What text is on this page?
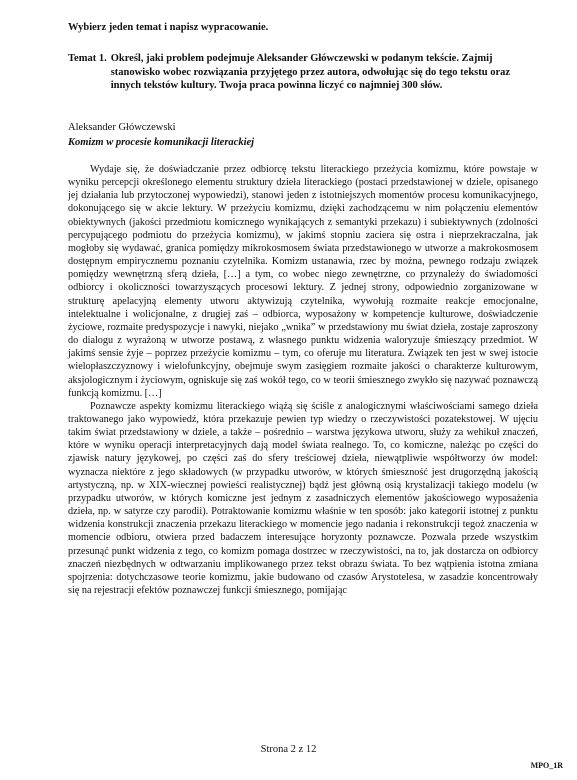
Wybierz jeden temat i napisz wypracowanie.
Temat 1. Określ, jaki problem podejmuje Aleksander Główczewski w podanym tekście. Zajmij stanowisko wobec rozwiązania przyjętego przez autora, odwołując się do tego tekstu oraz innych tekstów kultury. Twoja praca powinna liczyć co najmniej 300 słów.
Aleksander Główczewski
Komizm w procesie komunikacji literackiej

Wydaje się, że doświadczanie przez odbiorcę tekstu literackiego przeżycia komizmu, które powstaje w wyniku percepcji określonego elementu struktury dzieła literackiego (postaci przedstawionej w dziele, opisanego jej działania lub przytoczonej wypowiedzi), stanowi jeden z istotniejszych momentów procesu komunikacyjnego, dokonującego się w akcie lektury. W przeżyciu komizmu, dzięki zachodzącemu w nim połączeniu elementów obiektywnych (jakości przedmiotu komicznego wynikających z semantyki przekazu) i subiektywnych (zdolności percypującego podmiotu do przeżycia komizmu), w jakimś stopniu zaciera się ostra i nieprzekraczalna, jak mogłoby się wydawać, granica pomiędzy mikrokosmosem świata przedstawionego w utworze a makrokosmosem dostępnym empirycznemu poznaniu czytelnika. Komizm ustanawia, rzec by można, pewnego rodzaju związek pomiędzy wewnętrzną sferą dzieła, […] a tym, co wobec niego zewnętrzne, co przynależy do świadomości odbiorcy i okoliczności towarzyszących procesowi lektury. Z jednej strony, odpowiednio zorganizowane w strukturę apelacyjną elementy utworu aktywizują czytelnika, wywołują rozmaite reakcje emocjonalne, intelektualne i wolicjonalne, z drugiej zaś – odbiorca, wyposażony w kompetencje kulturowe, doświadczenie życiowe, rozmaite predyspozycje i nawyki, niejako „wnika” w przedstawiony mu świat dzieła, zostaje zaproszony do dialogu z wyrażoną w utworze postawą, z własnego punktu widzenia waloryzuje śmieszący przedmiot. W jakimś sensie żyje – poprzez przeżycie komizmu – tym, co oferuje mu literatura. Związek ten jest w swej istocie wielopłaszczyznowy i wielofunkcyjny, obejmuje swym zasięgiem rozmaite jakości o charakterze kulturowym, aksjologicznym i życiowym, ogniskuje się zaś wokół tego, co w teorii śmiesznego zwykło się nazywać poznawczą funkcją komizmu. […]

Poznawcze aspekty komizmu literackiego wiążą się ściśle z analogicznymi właściwościami samego dzieła traktowanego jako wypowiedź, która przekazuje pewien typ wiedzy o rzeczywistości pozatekstowej. W ujęciu takim świat przedstawiony w dziele, a także – pośrednio – warstwa językowa utworu, służy za wehikuł znaczeń, które w wyniku operacji interpretacyjnych dają model świata realnego. To, co komiczne, należąc po części do zjawisk natury językowej, po części zaś do sfery treściowej dzieła, niewątpliwie współtworzy ów model: wyznacza niektóre z jego składowych (w przypadku utworów, w których śmieszność jest drugorzędną jakością artystyczną, np. w XIX-wiecznej powieści realistycznej) bądź jest główną osią krystalizacji takiego modelu (w przypadku utworów, w których komiczne jest jednym z zasadniczych elementów jakościowego wyposażenia dzieła, np. w satyrze czy parodii). Potraktowanie komizmu właśnie w ten sposób: jako kategorii istotnej z punktu widzenia konstrukcji znaczenia przekazu literackiego w momencie jego nadania i rekonstrukcji tegoż znaczenia w momencie odbioru, otwiera przed badaczem interesujące horyzonty poznawcze. Pozwala przede wszystkim przesunąć punkt widzenia z tego, co komizm pomaga dostrzec w rzeczywistości, na to, jak dostarcza on odbiorcy znaczeń niezbędnych w odtwarzaniu implikowanego przez tekst obrazu świata. To bez wątpienia istotna zmiana spojrzenia: dotychczasowe teorie komizmu, jakie budowano od czasów Arystotelesa, w zasadzie koncentrowały się na rejestracji efektów poznawczej funkcji śmiesznego, pomijając

Strona 2 z 12
MPO_1R
